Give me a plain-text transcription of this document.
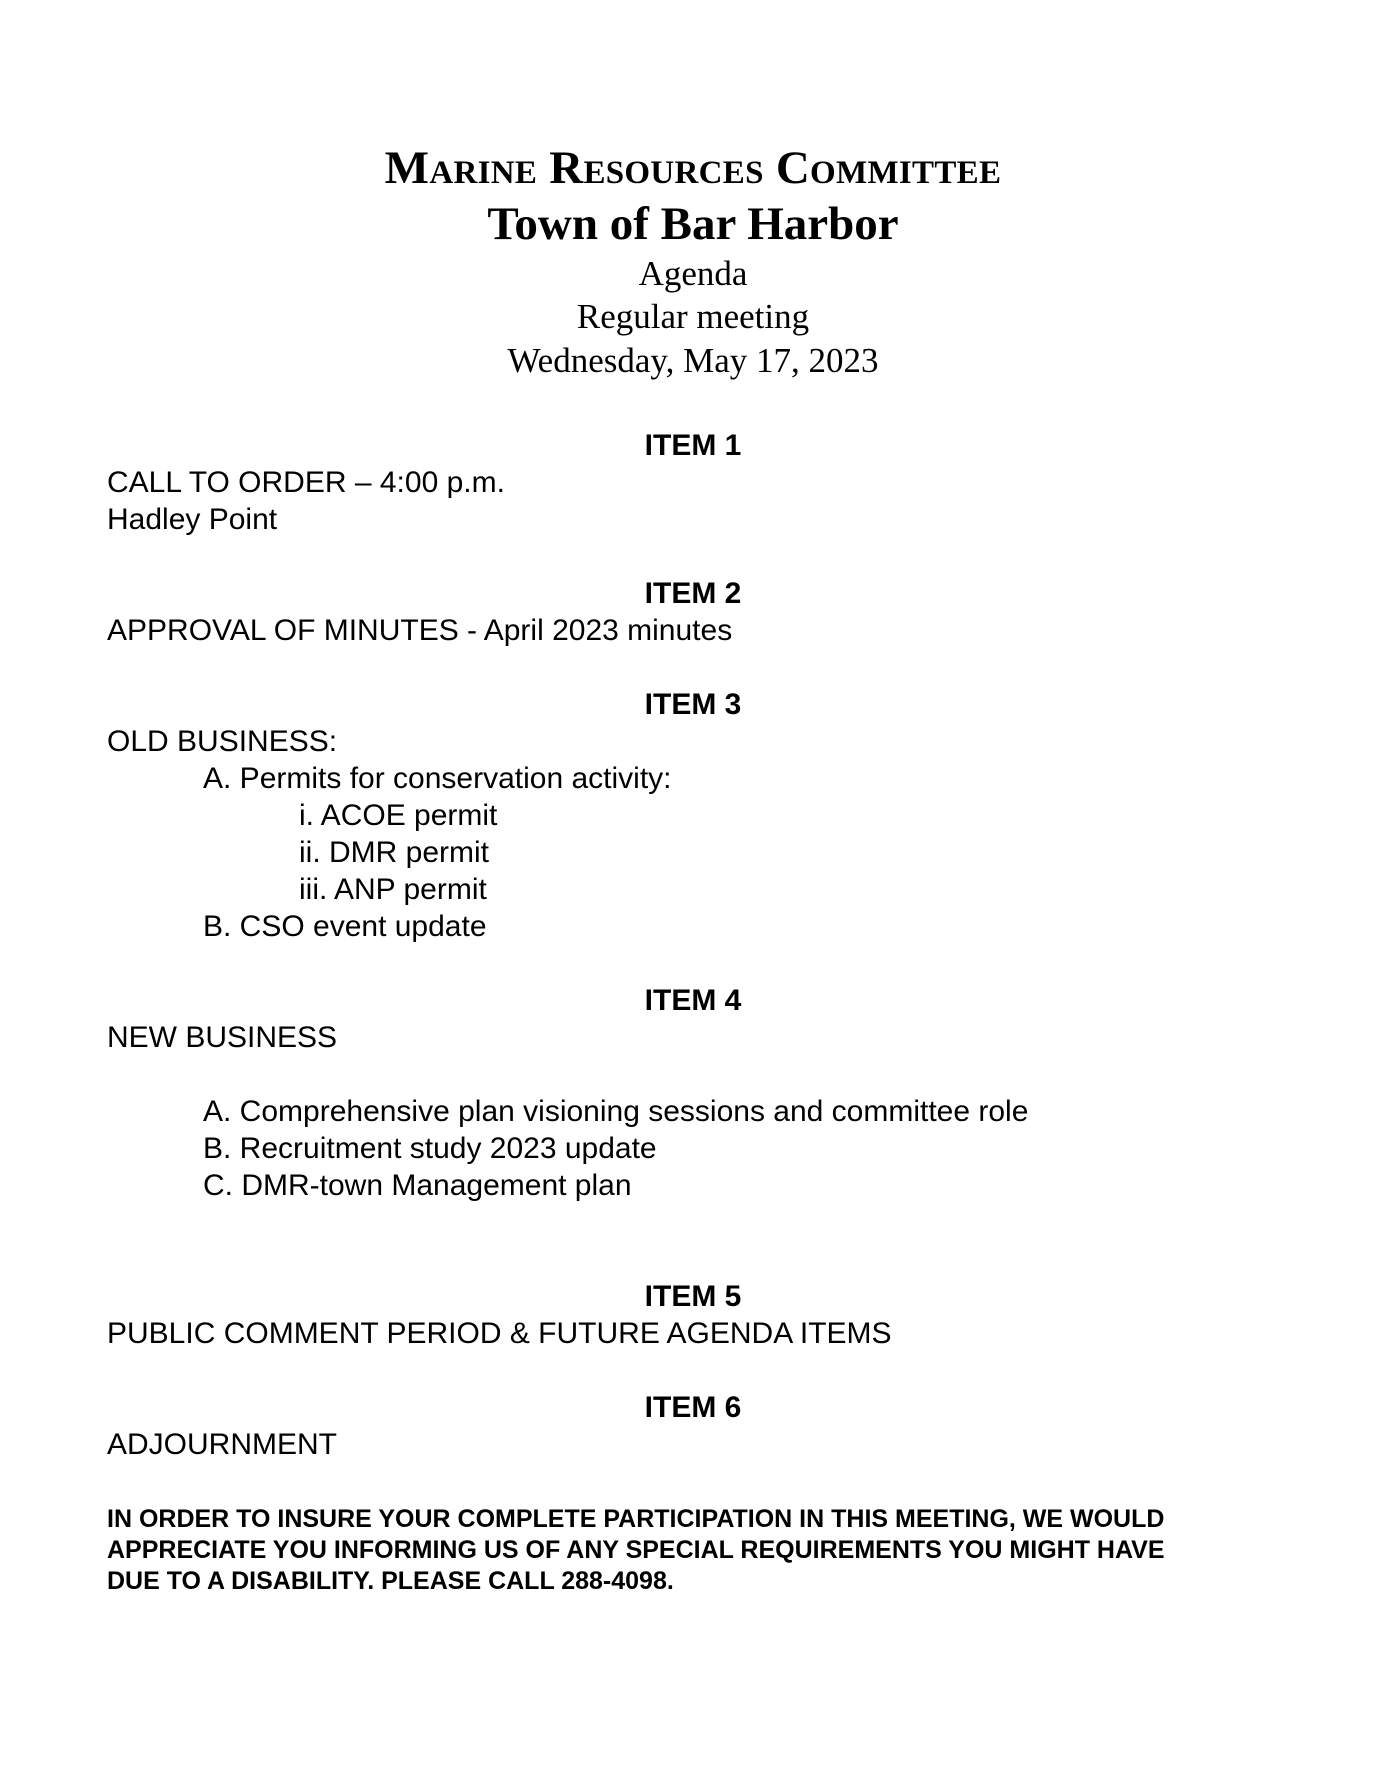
Marine Resources Committee
Town of Bar Harbor
Agenda
Regular meeting
Wednesday, May 17, 2023
ITEM 1
CALL TO ORDER – 4:00 p.m.
Hadley Point
ITEM 2
APPROVAL OF MINUTES - April 2023 minutes
ITEM 3
OLD BUSINESS:
A. Permits for conservation activity:
i. ACOE permit
ii. DMR permit
iii. ANP permit
B. CSO event update
ITEM 4
NEW BUSINESS
A. Comprehensive plan visioning sessions and committee role
B. Recruitment study 2023 update
C. DMR-town Management plan
ITEM 5
PUBLIC COMMENT PERIOD & FUTURE AGENDA ITEMS
ITEM 6
ADJOURNMENT
IN ORDER TO INSURE YOUR COMPLETE PARTICIPATION IN THIS MEETING, WE WOULD
APPRECIATE YOU INFORMING US OF ANY SPECIAL REQUIREMENTS YOU MIGHT HAVE
DUE TO A DISABILITY. PLEASE CALL 288-4098.
